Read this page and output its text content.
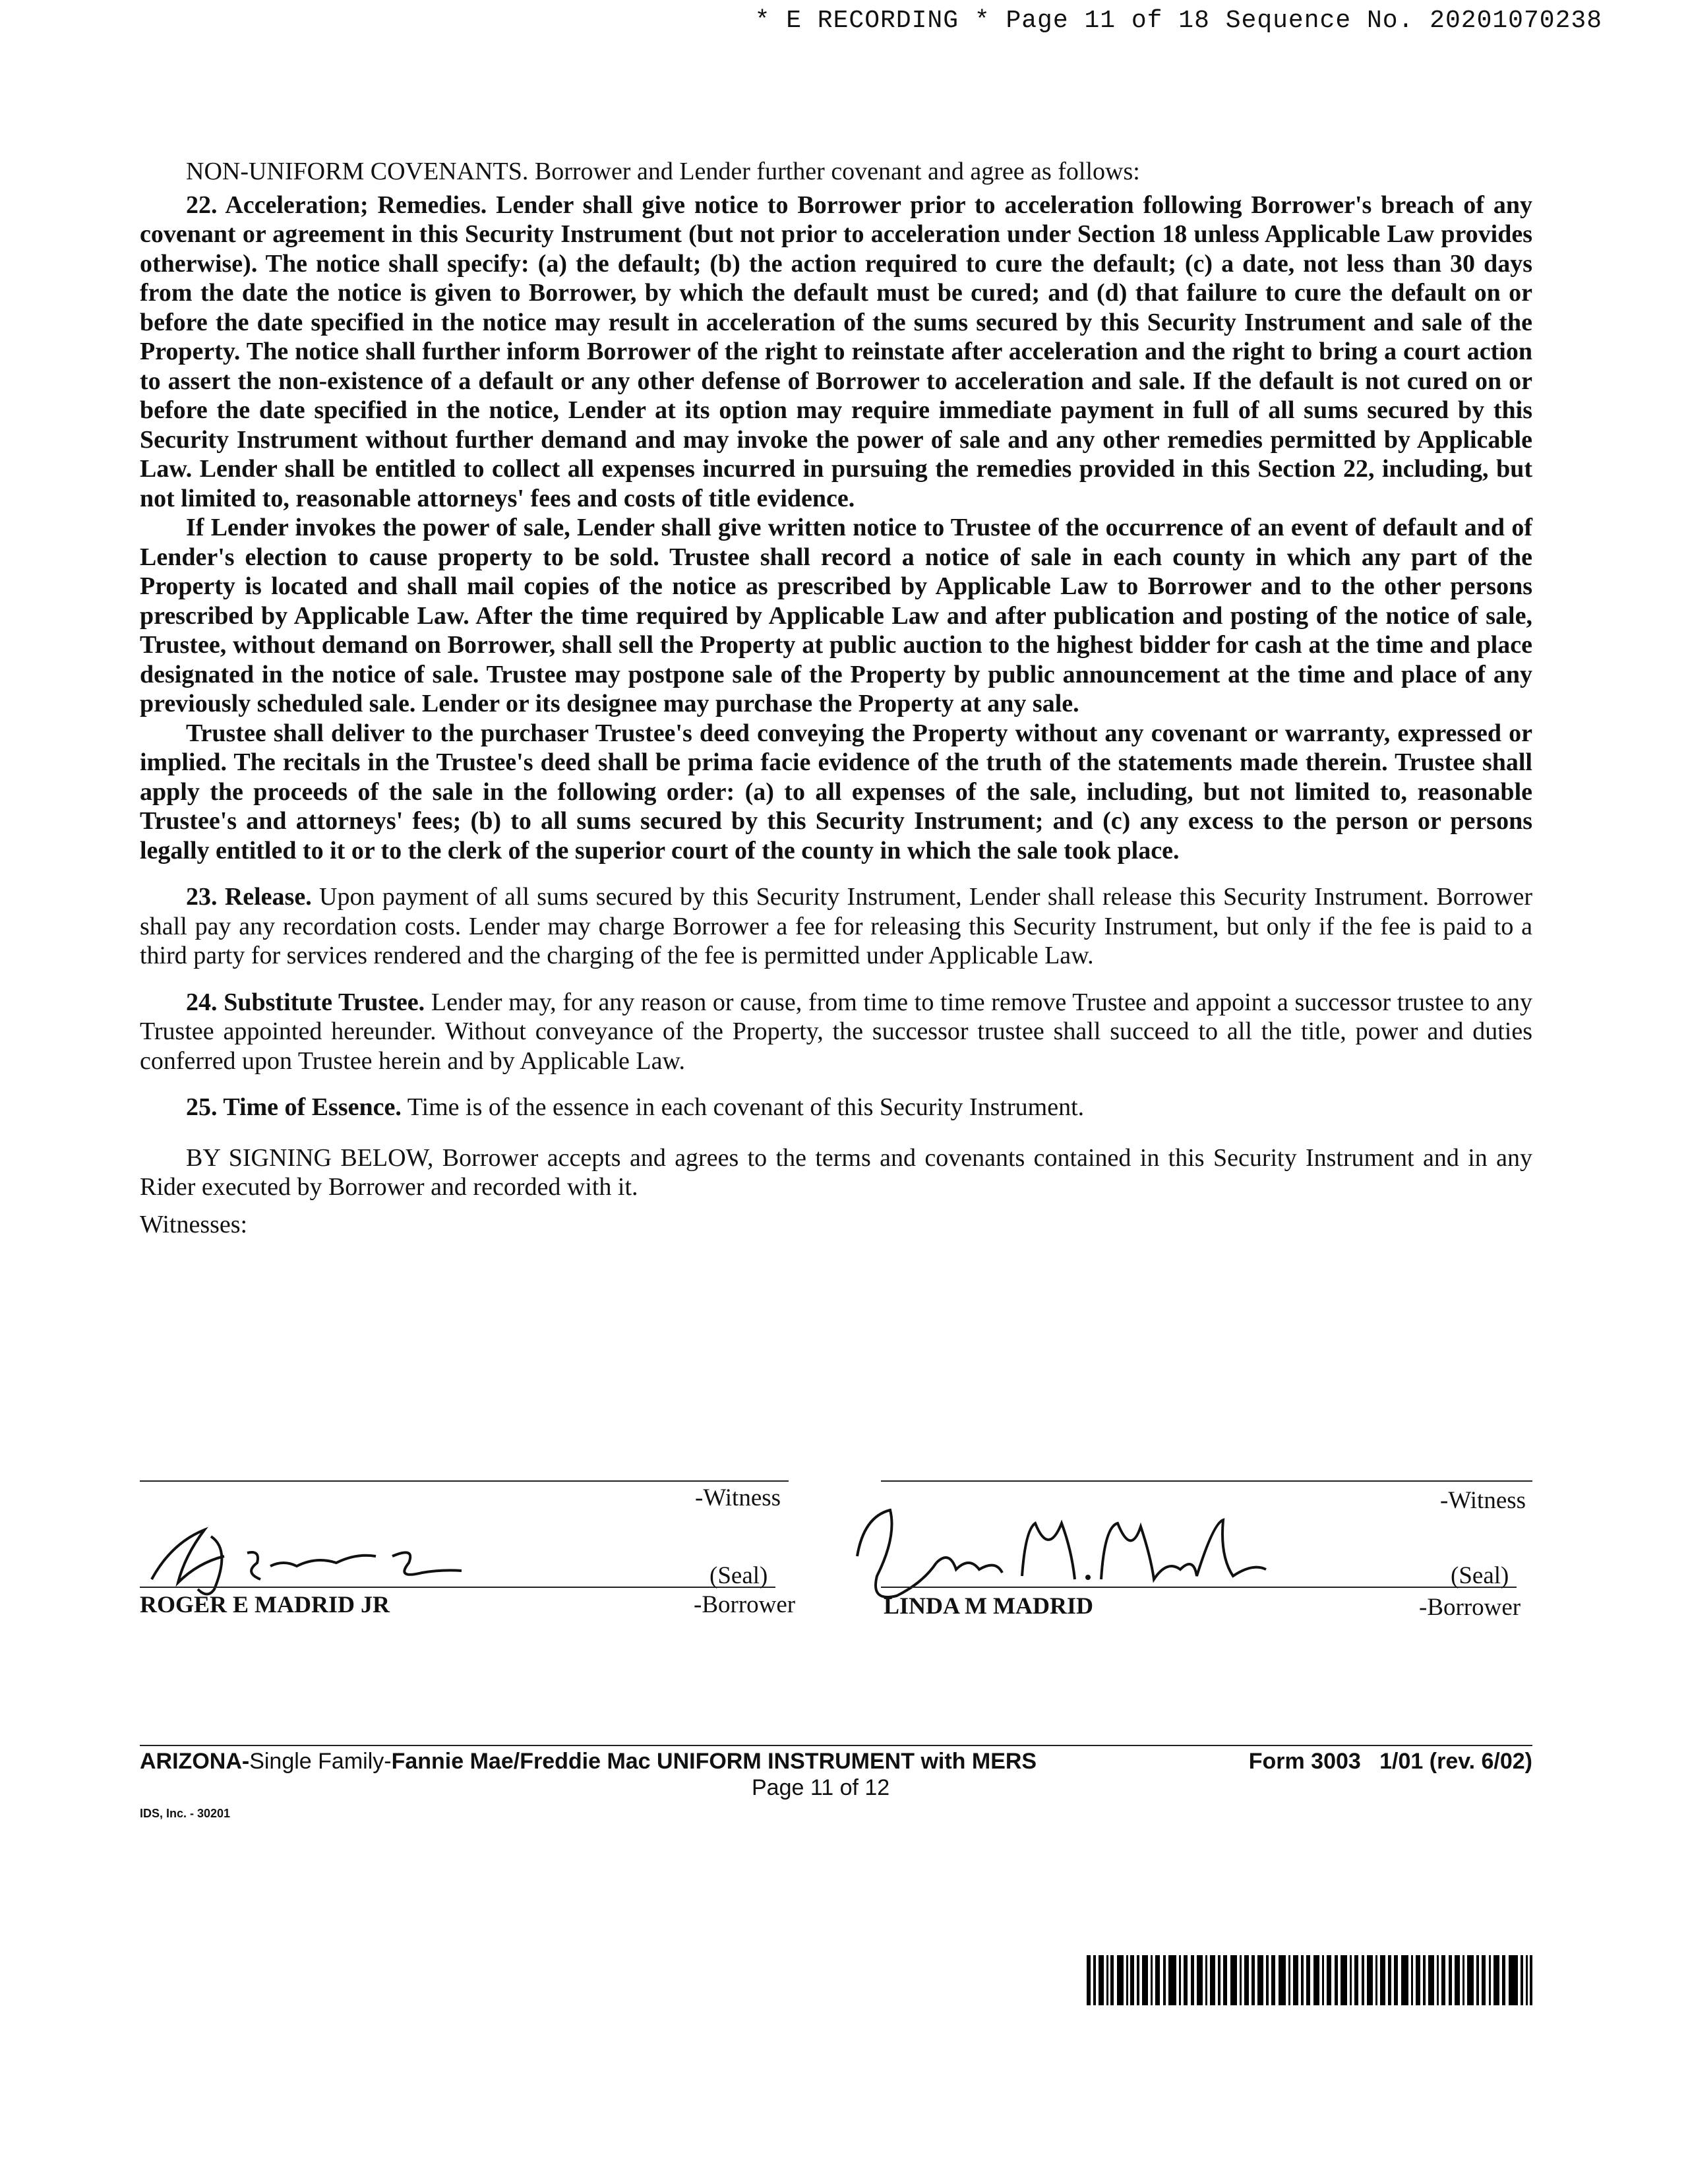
* E RECORDING * Page 11 of 18 Sequence No. 20201070238

NON-UNIFORM COVENANTS. Borrower and Lender further covenant and agree as follows:

22. Acceleration; Remedies. Lender shall give notice to Borrower prior to acceleration following Borrower's breach of any covenant or agreement in this Security Instrument (but not prior to acceleration under Section 18 unless Applicable Law provides otherwise). The notice shall specify: (a) the default; (b) the action required to cure the default; (c) a date, not less than 30 days from the date the notice is given to Borrower, by which the default must be cured; and (d) that failure to cure the default on or before the date specified in the notice may result in acceleration of the sums secured by this Security Instrument and sale of the Property. The notice shall further inform Borrower of the right to reinstate after acceleration and the right to bring a court action to assert the non-existence of a default or any other defense of Borrower to acceleration and sale. If the default is not cured on or before the date specified in the notice, Lender at its option may require immediate payment in full of all sums secured by this Security Instrument without further demand and may invoke the power of sale and any other remedies permitted by Applicable Law. Lender shall be entitled to collect all expenses incurred in pursuing the remedies provided in this Section 22, including, but not limited to, reasonable attorneys' fees and costs of title evidence.

If Lender invokes the power of sale, Lender shall give written notice to Trustee of the occurrence of an event of default and of Lender's election to cause property to be sold. Trustee shall record a notice of sale in each county in which any part of the Property is located and shall mail copies of the notice as prescribed by Applicable Law to Borrower and to the other persons prescribed by Applicable Law. After the time required by Applicable Law and after publication and posting of the notice of sale, Trustee, without demand on Borrower, shall sell the Property at public auction to the highest bidder for cash at the time and place designated in the notice of sale. Trustee may postpone sale of the Property by public announcement at the time and place of any previously scheduled sale. Lender or its designee may purchase the Property at any sale.

Trustee shall deliver to the purchaser Trustee's deed conveying the Property without any covenant or warranty, expressed or implied. The recitals in the Trustee's deed shall be prima facie evidence of the truth of the statements made therein. Trustee shall apply the proceeds of the sale in the following order: (a) to all expenses of the sale, including, but not limited to, reasonable Trustee's and attorneys' fees; (b) to all sums secured by this Security Instrument; and (c) any excess to the person or persons legally entitled to it or to the clerk of the superior court of the county in which the sale took place.

23. Release. Upon payment of all sums secured by this Security Instrument, Lender shall release this Security Instrument. Borrower shall pay any recordation costs. Lender may charge Borrower a fee for releasing this Security Instrument, but only if the fee is paid to a third party for services rendered and the charging of the fee is permitted under Applicable Law.

24. Substitute Trustee. Lender may, for any reason or cause, from time to time remove Trustee and appoint a successor trustee to any Trustee appointed hereunder. Without conveyance of the Property, the successor trustee shall succeed to all the title, power and duties conferred upon Trustee herein and by Applicable Law.

25. Time of Essence. Time is of the essence in each covenant of this Security Instrument.

BY SIGNING BELOW, Borrower accepts and agrees to the terms and covenants contained in this Security Instrument and in any Rider executed by Borrower and recorded with it.

Witnesses:

-Witness	-Witness
(Seal)
ROGER E MADRID JR	-Borrower
(Seal)
LINDA M MADRID	-Borrower
ARIZONA-Single Family-Fannie Mae/Freddie Mac UNIFORM INSTRUMENT with MERS	Form 3003   1/01 (rev. 6/02)
Page 11 of 12
IDS, Inc. - 30201
